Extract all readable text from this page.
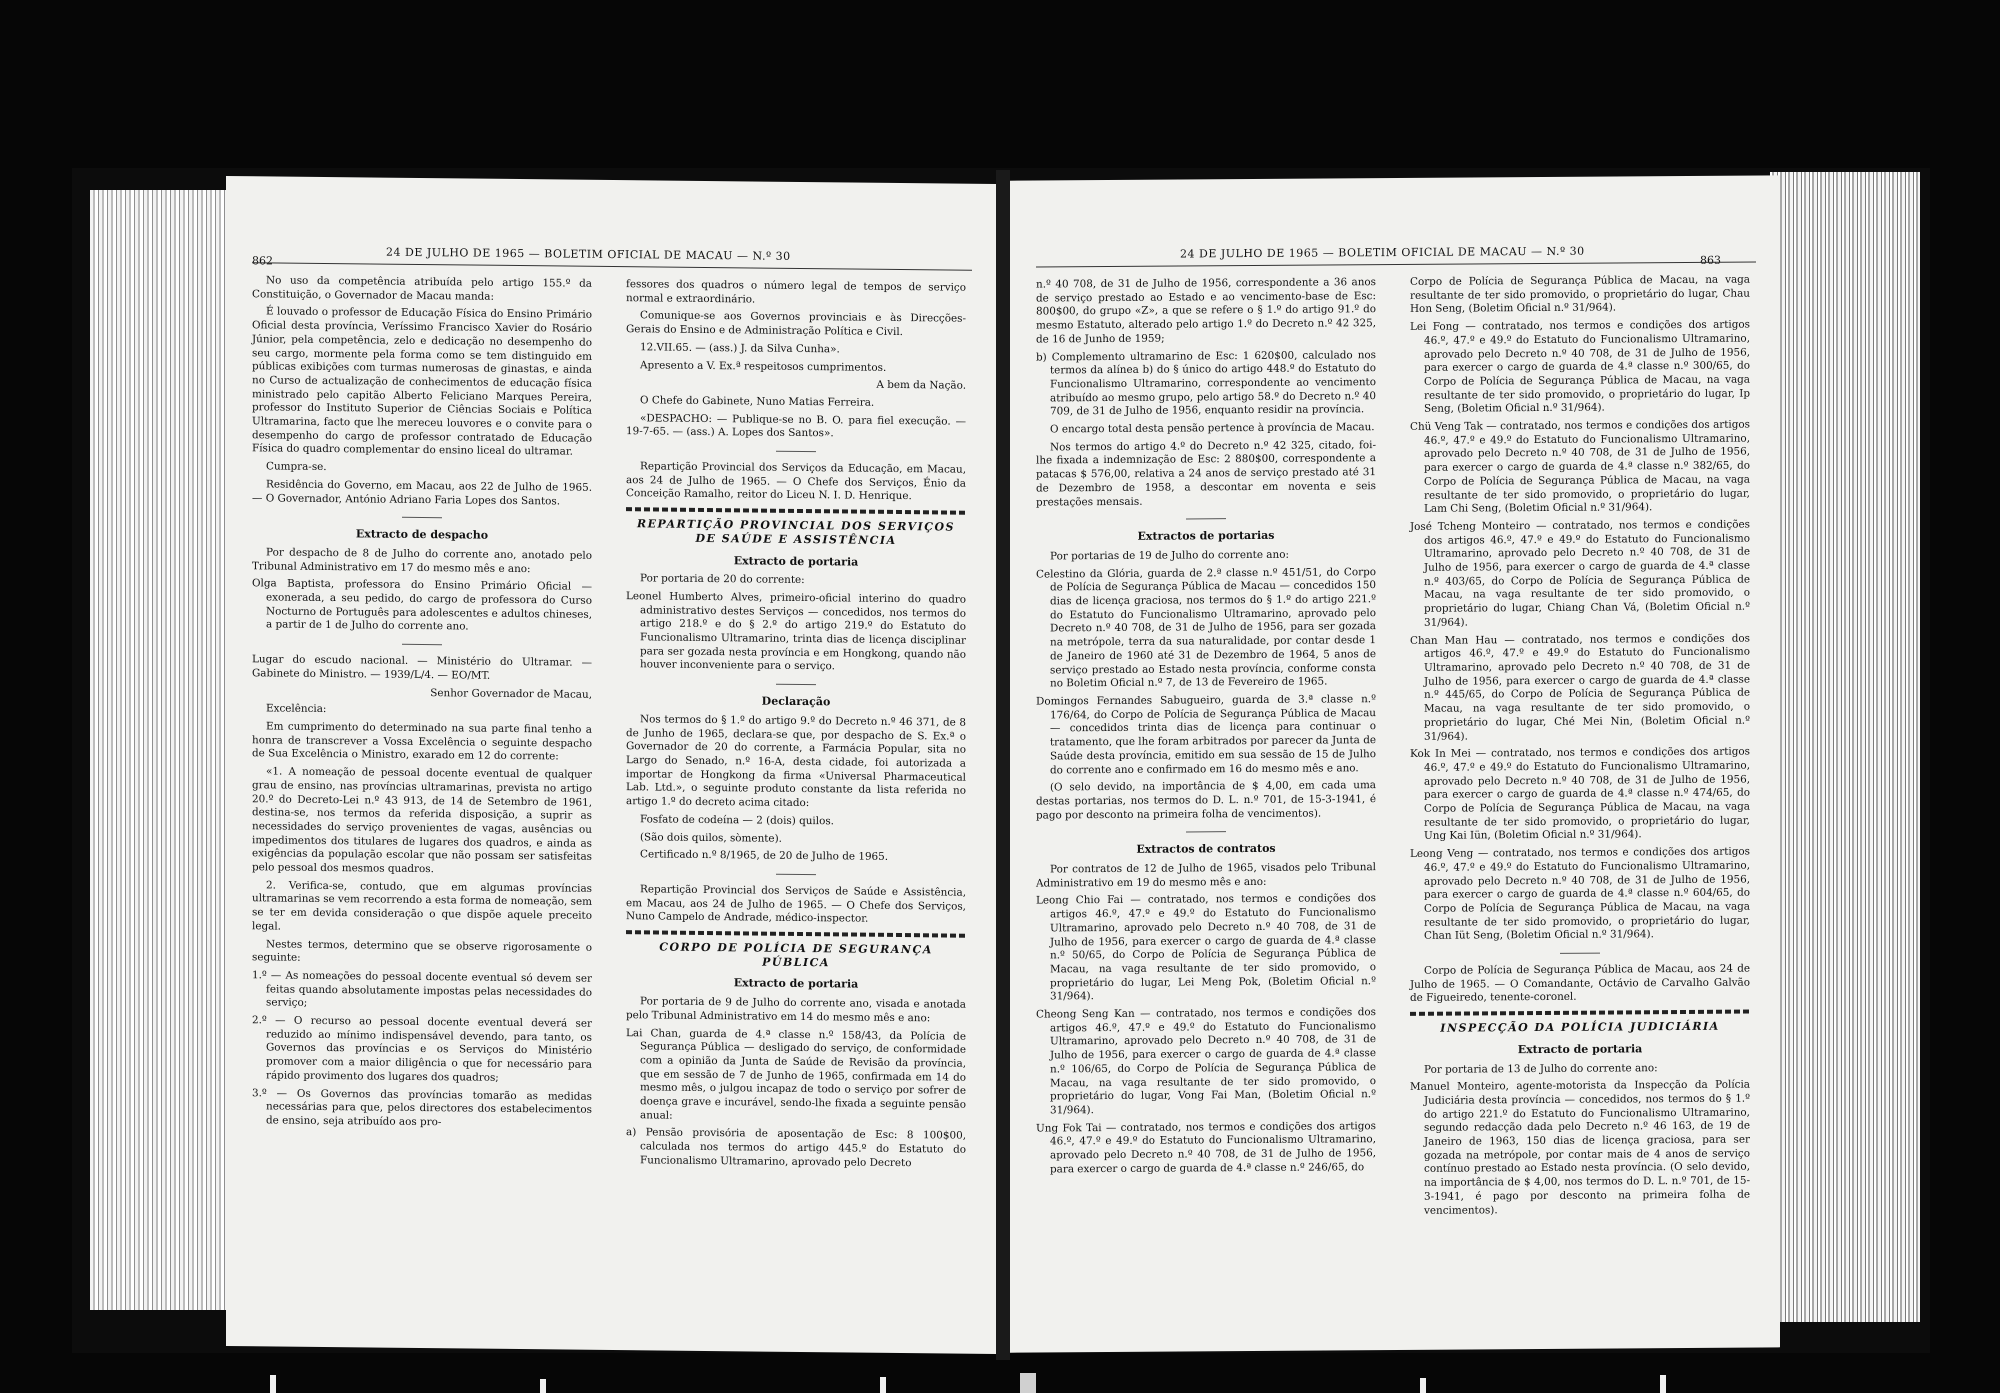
862	24 DE JULHO DE 1965 — BOLETIM OFICIAL DE MACAU — N.º 30

No uso da competência atribuída pelo artigo 155.º da Constituição, o Governador de Macau manda:

É louvado o professor de Educação Física do Ensino Primário Oficial desta província, Veríssimo Francisco Xavier do Rosário Júnior, pela competência, zelo e dedicação no desempenho do seu cargo, mormente pela forma como se tem distinguido em públicas exibições com turmas numerosas de ginastas, e ainda no Curso de actualização de conhecimentos de educação física ministrado pelo capitão Alberto Feliciano Marques Pereira, professor do Instituto Superior de Ciências Sociais e Política Ultramarina, facto que lhe mereceu louvores e o convite para o desempenho do cargo de professor contratado de Educação Física do quadro complementar do ensino liceal do ultramar.

Cumpra-se.

Residência do Governo, em Macau, aos 22 de Julho de 1965. — O Governador, António Adriano Faria Lopes dos Santos.

Extracto de despacho

Por despacho de 8 de Julho do corrente ano, anotado pelo Tribunal Administrativo em 17 do mesmo mês e ano:

Olga Baptista, professora do Ensino Primário Oficial — exonerada, a seu pedido, do cargo de professora do Curso Nocturno de Português para adolescentes e adultos chineses, a partir de 1 de Julho do corrente ano.

Lugar do escudo nacional. — Ministério do Ultramar. — Gabinete do Ministro. — 1939/L/4. — EO/MT.

Senhor Governador de Macau,

Excelência:

Em cumprimento do determinado na sua parte final tenho a honra de transcrever a Vossa Excelência o seguinte despacho de Sua Excelência o Ministro, exarado em 12 do corrente:

«1. A nomeação de pessoal docente eventual de qualquer grau de ensino, nas províncias ultramarinas, prevista no artigo 20.º do Decreto-Lei n.º 43 913, de 14 de Setembro de 1961, destina-se, nos termos da referida disposição, a suprir as necessidades do serviço provenientes de vagas, ausências ou impedimentos dos titulares de lugares dos quadros, e ainda as exigências da população escolar que não possam ser satisfeitas pelo pessoal dos mesmos quadros.

2. Verifica-se, contudo, que em algumas províncias ultramarinas se vem recorrendo a esta forma de nomeação, sem se ter em devida consideração o que dispõe aquele preceito legal.

Nestes termos, determino que se observe rigorosamente o seguinte:

1.º — As nomeações do pessoal docente eventual só devem ser feitas quando absolutamente impostas pelas necessidades do serviço;

2.º — O recurso ao pessoal docente eventual deverá ser reduzido ao mínimo indispensável devendo, para tanto, os Governos das províncias e os Serviços do Ministério promover com a maior diligência o que for necessário para rápido provimento dos lugares dos quadros;

3.º — Os Governos das províncias tomarão as medidas necessárias para que, pelos directores dos estabelecimentos de ensino, seja atribuído aos pro-

fessores dos quadros o número legal de tempos de serviço normal e extraordinário.

Comunique-se aos Governos provinciais e às Direcções-Gerais do Ensino e de Administração Política e Civil.

12.VII.65. — (ass.) J. da Silva Cunha».

Apresento a V. Ex.ª respeitosos cumprimentos.

A bem da Nação.

O Chefe do Gabinete, Nuno Matias Ferreira.

«DESPACHO: — Publique-se no B. O. para fiel execução. — 19-7-65. — (ass.) A. Lopes dos Santos».

Repartição Provincial dos Serviços da Educação, em Macau, aos 24 de Julho de 1965. — O Chefe dos Serviços, Énio da Conceição Ramalho, reitor do Liceu N. I. D. Henrique.

REPARTIÇÃO PROVINCIAL DOS SERVIÇOS DE SAÚDE E ASSISTÊNCIA
Extracto de portaria

Por portaria de 20 do corrente:

Leonel Humberto Alves, primeiro-oficial interino do quadro administrativo destes Serviços — concedidos, nos termos do artigo 218.º e do § 2.º do artigo 219.º do Estatuto do Funcionalismo Ultramarino, trinta dias de licença disciplinar para ser gozada nesta província e em Hongkong, quando não houver inconveniente para o serviço.

Declaração

Nos termos do § 1.º do artigo 9.º do Decreto n.º 46 371, de 8 de Junho de 1965, declara-se que, por despacho de S. Ex.ª o Governador de 20 do corrente, a Farmácia Popular, sita no Largo do Senado, n.º 16-A, desta cidade, foi autorizada a importar de Hongkong da firma «Universal Pharmaceutical Lab. Ltd.», o seguinte produto constante da lista referida no artigo 1.º do decreto acima citado:

Fosfato de codeína — 2 (dois) quilos.

(São dois quilos, sòmente).

Certificado n.º 8/1965, de 20 de Julho de 1965.

Repartição Provincial dos Serviços de Saúde e Assistência, em Macau, aos 24 de Julho de 1965. — O Chefe dos Serviços, Nuno Campelo de Andrade, médico-inspector.

CORPO DE POLÍCIA DE SEGURANÇA PÚBLICA
Extracto de portaria

Por portaria de 9 de Julho do corrente ano, visada e anotada pelo Tribunal Administrativo em 14 do mesmo mês e ano:

Lai Chan, guarda de 4.ª classe n.º 158/43, da Polícia de Segurança Pública — desligado do serviço, de conformidade com a opinião da Junta de Saúde de Revisão da província, que em sessão de 7 de Junho de 1965, confirmada em 14 do mesmo mês, o julgou incapaz de todo o serviço por sofrer de doença grave e incurável, sendo-lhe fixada a seguinte pensão anual:

a) Pensão provisória de aposentação de Esc: 8 100$00, calculada nos termos do artigo 445.º do Estatuto do Funcionalismo Ultramarino, aprovado pelo Decreto

24 DE JULHO DE 1965 — BOLETIM OFICIAL DE MACAU — N.º 30	863

n.º 40 708, de 31 de Julho de 1956, correspondente a 36 anos de serviço prestado ao Estado e ao vencimento-base de Esc: 800$00, do grupo «Z», a que se refere o § 1.º do artigo 91.º do mesmo Estatuto, alterado pelo artigo 1.º do Decreto n.º 42 325, de 16 de Junho de 1959;

b) Complemento ultramarino de Esc: 1 620$00, calculado nos termos da alínea b) do § único do artigo 448.º do Estatuto do Funcionalismo Ultramarino, correspondente ao vencimento atribuído ao mesmo grupo, pelo artigo 58.º do Decreto n.º 40 709, de 31 de Julho de 1956, enquanto residir na província.

O encargo total desta pensão pertence à província de Macau.

Nos termos do artigo 4.º do Decreto n.º 42 325, citado, foi-lhe fixada a indemnização de Esc: 2 880$00, correspondente a patacas $ 576,00, relativa a 24 anos de serviço prestado até 31 de Dezembro de 1958, a descontar em noventa e seis prestações mensais.

Extractos de portarias

Por portarias de 19 de Julho do corrente ano:

Celestino da Glória, guarda de 2.ª classe n.º 451/51, do Corpo de Polícia de Segurança Pública de Macau — concedidos 150 dias de licença graciosa, nos termos do § 1.º do artigo 221.º do Estatuto do Funcionalismo Ultramarino, aprovado pelo Decreto n.º 40 708, de 31 de Julho de 1956, para ser gozada na metrópole, terra da sua naturalidade, por contar desde 1 de Janeiro de 1960 até 31 de Dezembro de 1964, 5 anos de serviço prestado ao Estado nesta província, conforme consta no Boletim Oficial n.º 7, de 13 de Fevereiro de 1965.

Domingos Fernandes Sabugueiro, guarda de 3.ª classe n.º 176/64, do Corpo de Polícia de Segurança Pública de Macau — concedidos trinta dias de licença para continuar o tratamento, que lhe foram arbitrados por parecer da Junta de Saúde desta província, emitido em sua sessão de 15 de Julho do corrente ano e confirmado em 16 do mesmo mês e ano.

(O selo devido, na importância de $ 4,00, em cada uma destas portarias, nos termos do D. L. n.º 701, de 15-3-1941, é pago por desconto na primeira folha de vencimentos).

Extractos de contratos

Por contratos de 12 de Julho de 1965, visados pelo Tribunal Administrativo em 19 do mesmo mês e ano:

Leong Chio Fai — contratado, nos termos e condições dos artigos 46.º, 47.º e 49.º do Estatuto do Funcionalismo Ultramarino, aprovado pelo Decreto n.º 40 708, de 31 de Julho de 1956, para exercer o cargo de guarda de 4.ª classe n.º 50/65, do Corpo de Polícia de Segurança Pública de Macau, na vaga resultante de ter sido promovido, o proprietário do lugar, Lei Meng Pok, (Boletim Oficial n.º 31/964).

Cheong Seng Kan — contratado, nos termos e condições dos artigos 46.º, 47.º e 49.º do Estatuto do Funcionalismo Ultramarino, aprovado pelo Decreto n.º 40 708, de 31 de Julho de 1956, para exercer o cargo de guarda de 4.ª classe n.º 106/65, do Corpo de Polícia de Segurança Pública de Macau, na vaga resultante de ter sido promovido, o proprietário do lugar, Vong Fai Man, (Boletim Oficial n.º 31/964).

Ung Fok Tai — contratado, nos termos e condições dos artigos 46.º, 47.º e 49.º do Estatuto do Funcionalismo Ultramarino, aprovado pelo Decreto n.º 40 708, de 31 de Julho de 1956, para exercer o cargo de guarda de 4.ª classe n.º 246/65, do

Corpo de Polícia de Segurança Pública de Macau, na vaga resultante de ter sido promovido, o proprietário do lugar, Chau Hon Seng, (Boletim Oficial n.º 31/964).

Lei Fong — contratado, nos termos e condições dos artigos 46.º, 47.º e 49.º do Estatuto do Funcionalismo Ultramarino, aprovado pelo Decreto n.º 40 708, de 31 de Julho de 1956, para exercer o cargo de guarda de 4.ª classe n.º 300/65, do Corpo de Polícia de Segurança Pública de Macau, na vaga resultante de ter sido promovido, o proprietário do lugar, Ip Seng, (Boletim Oficial n.º 31/964).

Chü Veng Tak — contratado, nos termos e condições dos artigos 46.º, 47.º e 49.º do Estatuto do Funcionalismo Ultramarino, aprovado pelo Decreto n.º 40 708, de 31 de Julho de 1956, para exercer o cargo de guarda de 4.ª classe n.º 382/65, do Corpo de Polícia de Segurança Pública de Macau, na vaga resultante de ter sido promovido, o proprietário do lugar, Lam Chi Seng, (Boletim Oficial n.º 31/964).

José Tcheng Monteiro — contratado, nos termos e condições dos artigos 46.º, 47.º e 49.º do Estatuto do Funcionalismo Ultramarino, aprovado pelo Decreto n.º 40 708, de 31 de Julho de 1956, para exercer o cargo de guarda de 4.ª classe n.º 403/65, do Corpo de Polícia de Segurança Pública de Macau, na vaga resultante de ter sido promovido, o proprietário do lugar, Chiang Chan Vá, (Boletim Oficial n.º 31/964).

Chan Man Hau — contratado, nos termos e condições dos artigos 46.º, 47.º e 49.º do Estatuto do Funcionalismo Ultramarino, aprovado pelo Decreto n.º 40 708, de 31 de Julho de 1956, para exercer o cargo de guarda de 4.ª classe n.º 445/65, do Corpo de Polícia de Segurança Pública de Macau, na vaga resultante de ter sido promovido, o proprietário do lugar, Ché Mei Nin, (Boletim Oficial n.º 31/964).

Kok In Mei — contratado, nos termos e condições dos artigos 46.º, 47.º e 49.º do Estatuto do Funcionalismo Ultramarino, aprovado pelo Decreto n.º 40 708, de 31 de Julho de 1956, para exercer o cargo de guarda de 4.ª classe n.º 474/65, do Corpo de Polícia de Segurança Pública de Macau, na vaga resultante de ter sido promovido, o proprietário do lugar, Ung Kai Iün, (Boletim Oficial n.º 31/964).

Leong Veng — contratado, nos termos e condições dos artigos 46.º, 47.º e 49.º do Estatuto do Funcionalismo Ultramarino, aprovado pelo Decreto n.º 40 708, de 31 de Julho de 1956, para exercer o cargo de guarda de 4.ª classe n.º 604/65, do Corpo de Polícia de Segurança Pública de Macau, na vaga resultante de ter sido promovido, o proprietário do lugar, Chan Iüt Seng, (Boletim Oficial n.º 31/964).

Corpo de Polícia de Segurança Pública de Macau, aos 24 de Julho de 1965. — O Comandante, Octávio de Carvalho Galvão de Figueiredo, tenente-coronel.

INSPECÇÃO DA POLÍCIA JUDICIÁRIA
Extracto de portaria

Por portaria de 13 de Julho do corrente ano:

Manuel Monteiro, agente-motorista da Inspecção da Polícia Judiciária desta província — concedidos, nos termos do § 1.º do artigo 221.º do Estatuto do Funcionalismo Ultramarino, segundo redacção dada pelo Decreto n.º 46 163, de 19 de Janeiro de 1963, 150 dias de licença graciosa, para ser gozada na metrópole, por contar mais de 4 anos de serviço contínuo prestado ao Estado nesta província. (O selo devido, na importância de $ 4,00, nos termos do D. L. n.º 701, de 15-3-1941, é pago por desconto na primeira folha de vencimentos).
